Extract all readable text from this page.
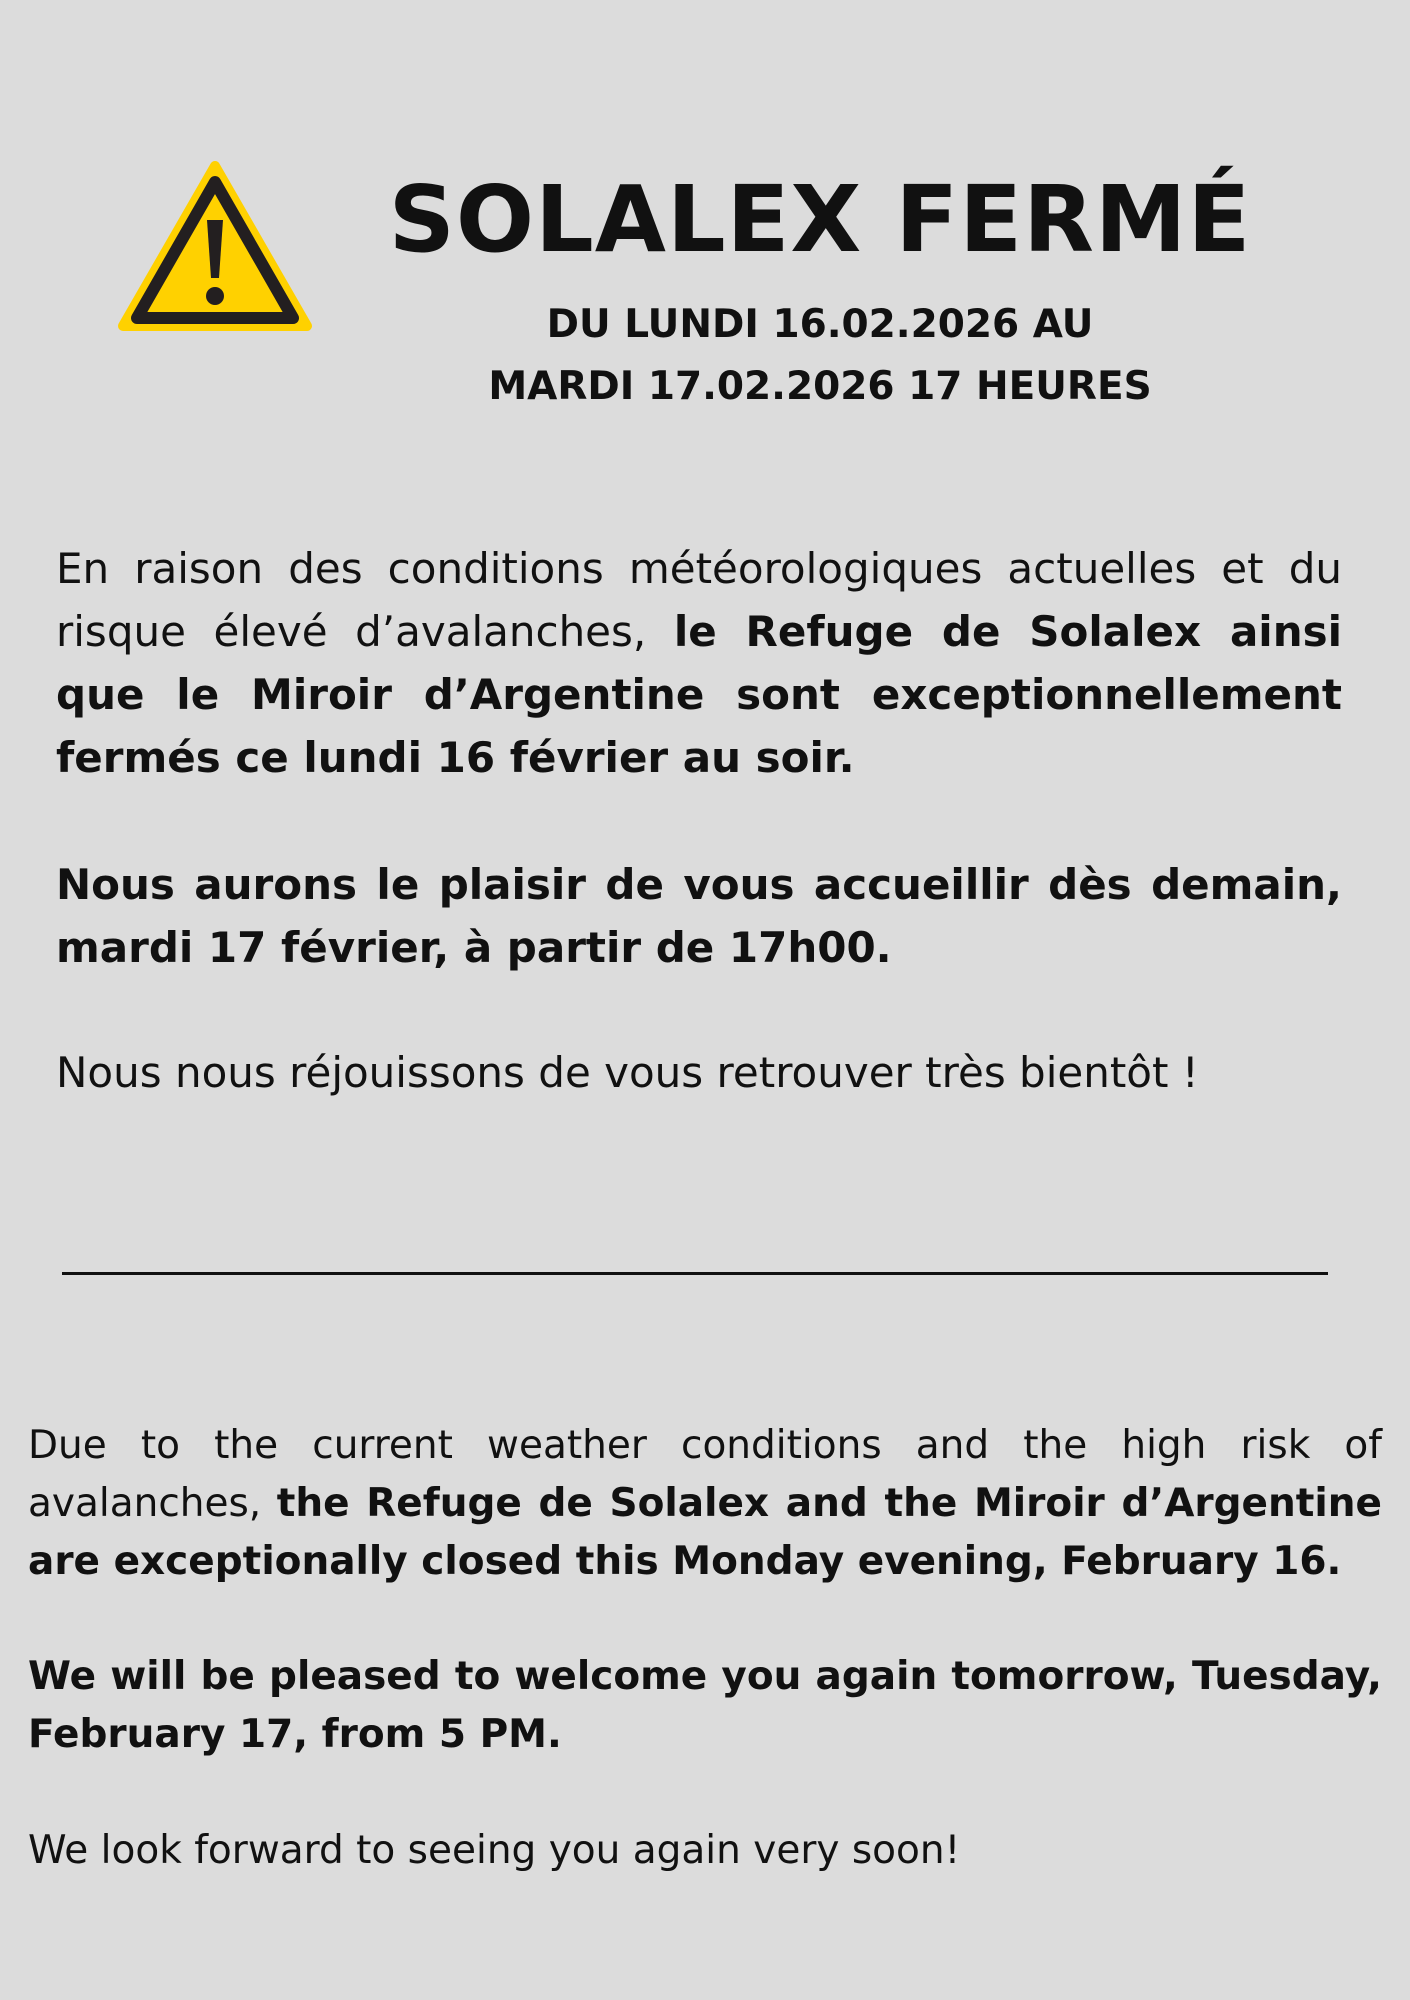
SOLALEX FERMÉ
DU LUNDI 16.02.2026 AU
MARDI 17.02.2026 17 HEURES
En raison des conditions météorologiques actuelles et du risque élevé d’avalanches, le Refuge de Solalex ainsi que le Miroir d’Argentine sont exceptionnellement fermés ce lundi 16 février au soir.
Nous aurons le plaisir de vous accueillir dès demain, mardi 17 février, à partir de 17h00.
Nous nous réjouissons de vous retrouver très bientôt !
Due to the current weather conditions and the high risk of avalanches, the Refuge de Solalex and the Miroir d’Argentine are exceptionally closed this Monday evening, February 16.
We will be pleased to welcome you again tomorrow, Tuesday, February 17, from 5 PM.
We look forward to seeing you again very soon!
